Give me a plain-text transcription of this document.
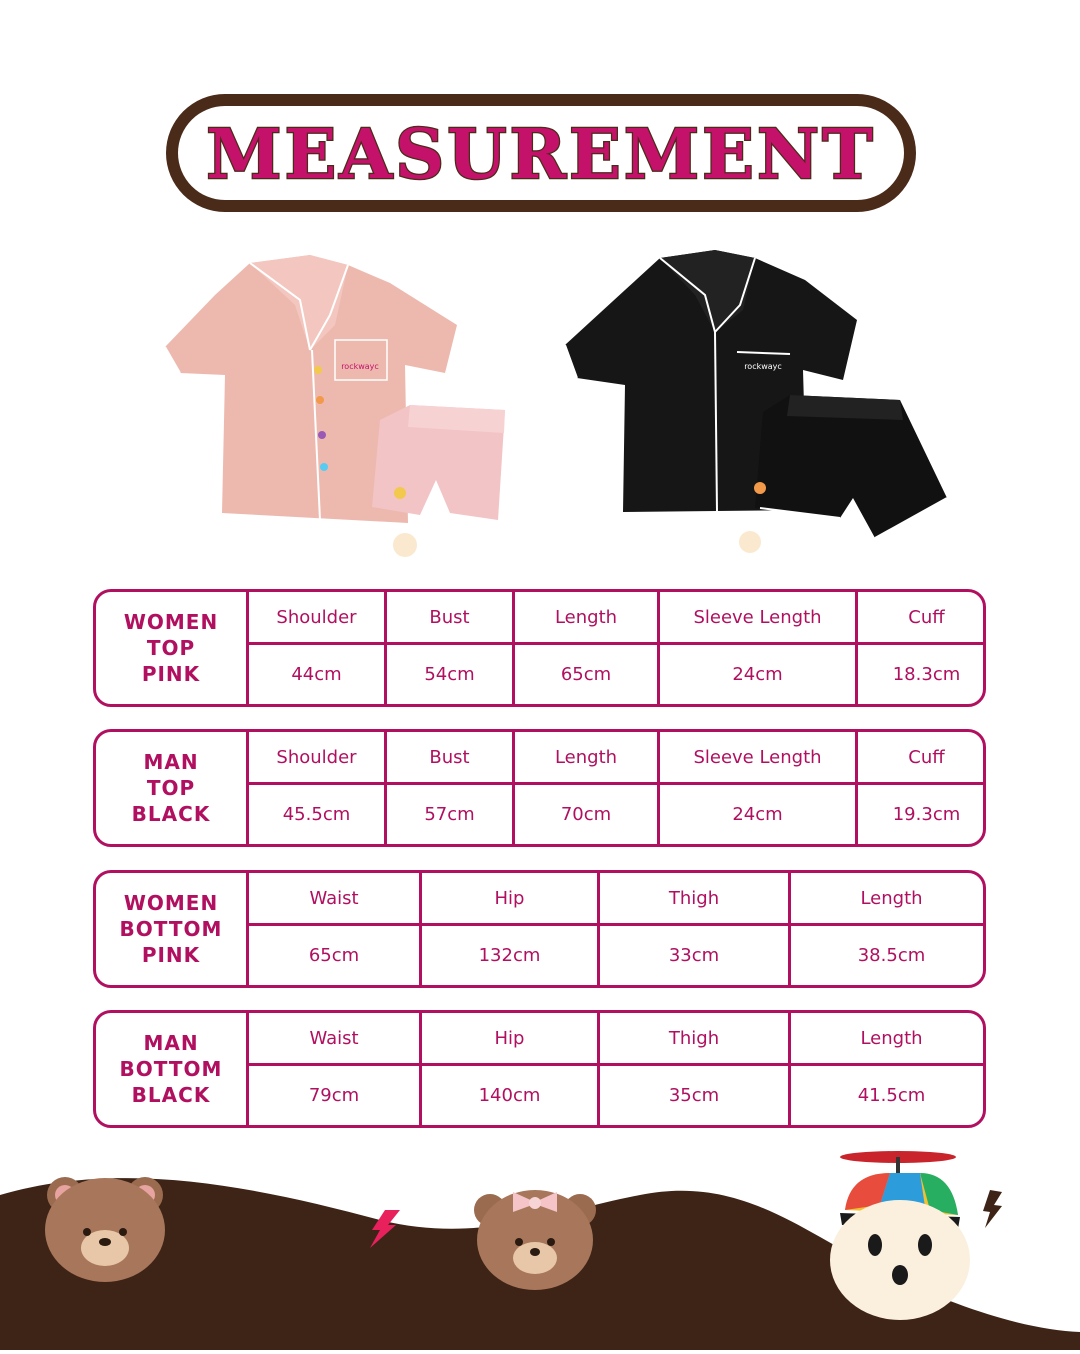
MEASUREMENT
rockwayc	rockwayc
WOMEN
TOP
PINK
Shoulder
44cm
Bust
54cm
Length
65cm
Sleeve Length
24cm
Cuff
18.3cm
MAN
TOP
BLACK
Shoulder
45.5cm
Bust
57cm
Length
70cm
Sleeve Length
24cm
Cuff
19.3cm
WOMEN
BOTTOM
PINK
Waist
65cm
Hip
132cm
Thigh
33cm
Length
38.5cm
MAN
BOTTOM
BLACK
Waist
79cm
Hip
140cm
Thigh
35cm
Length
41.5cm
